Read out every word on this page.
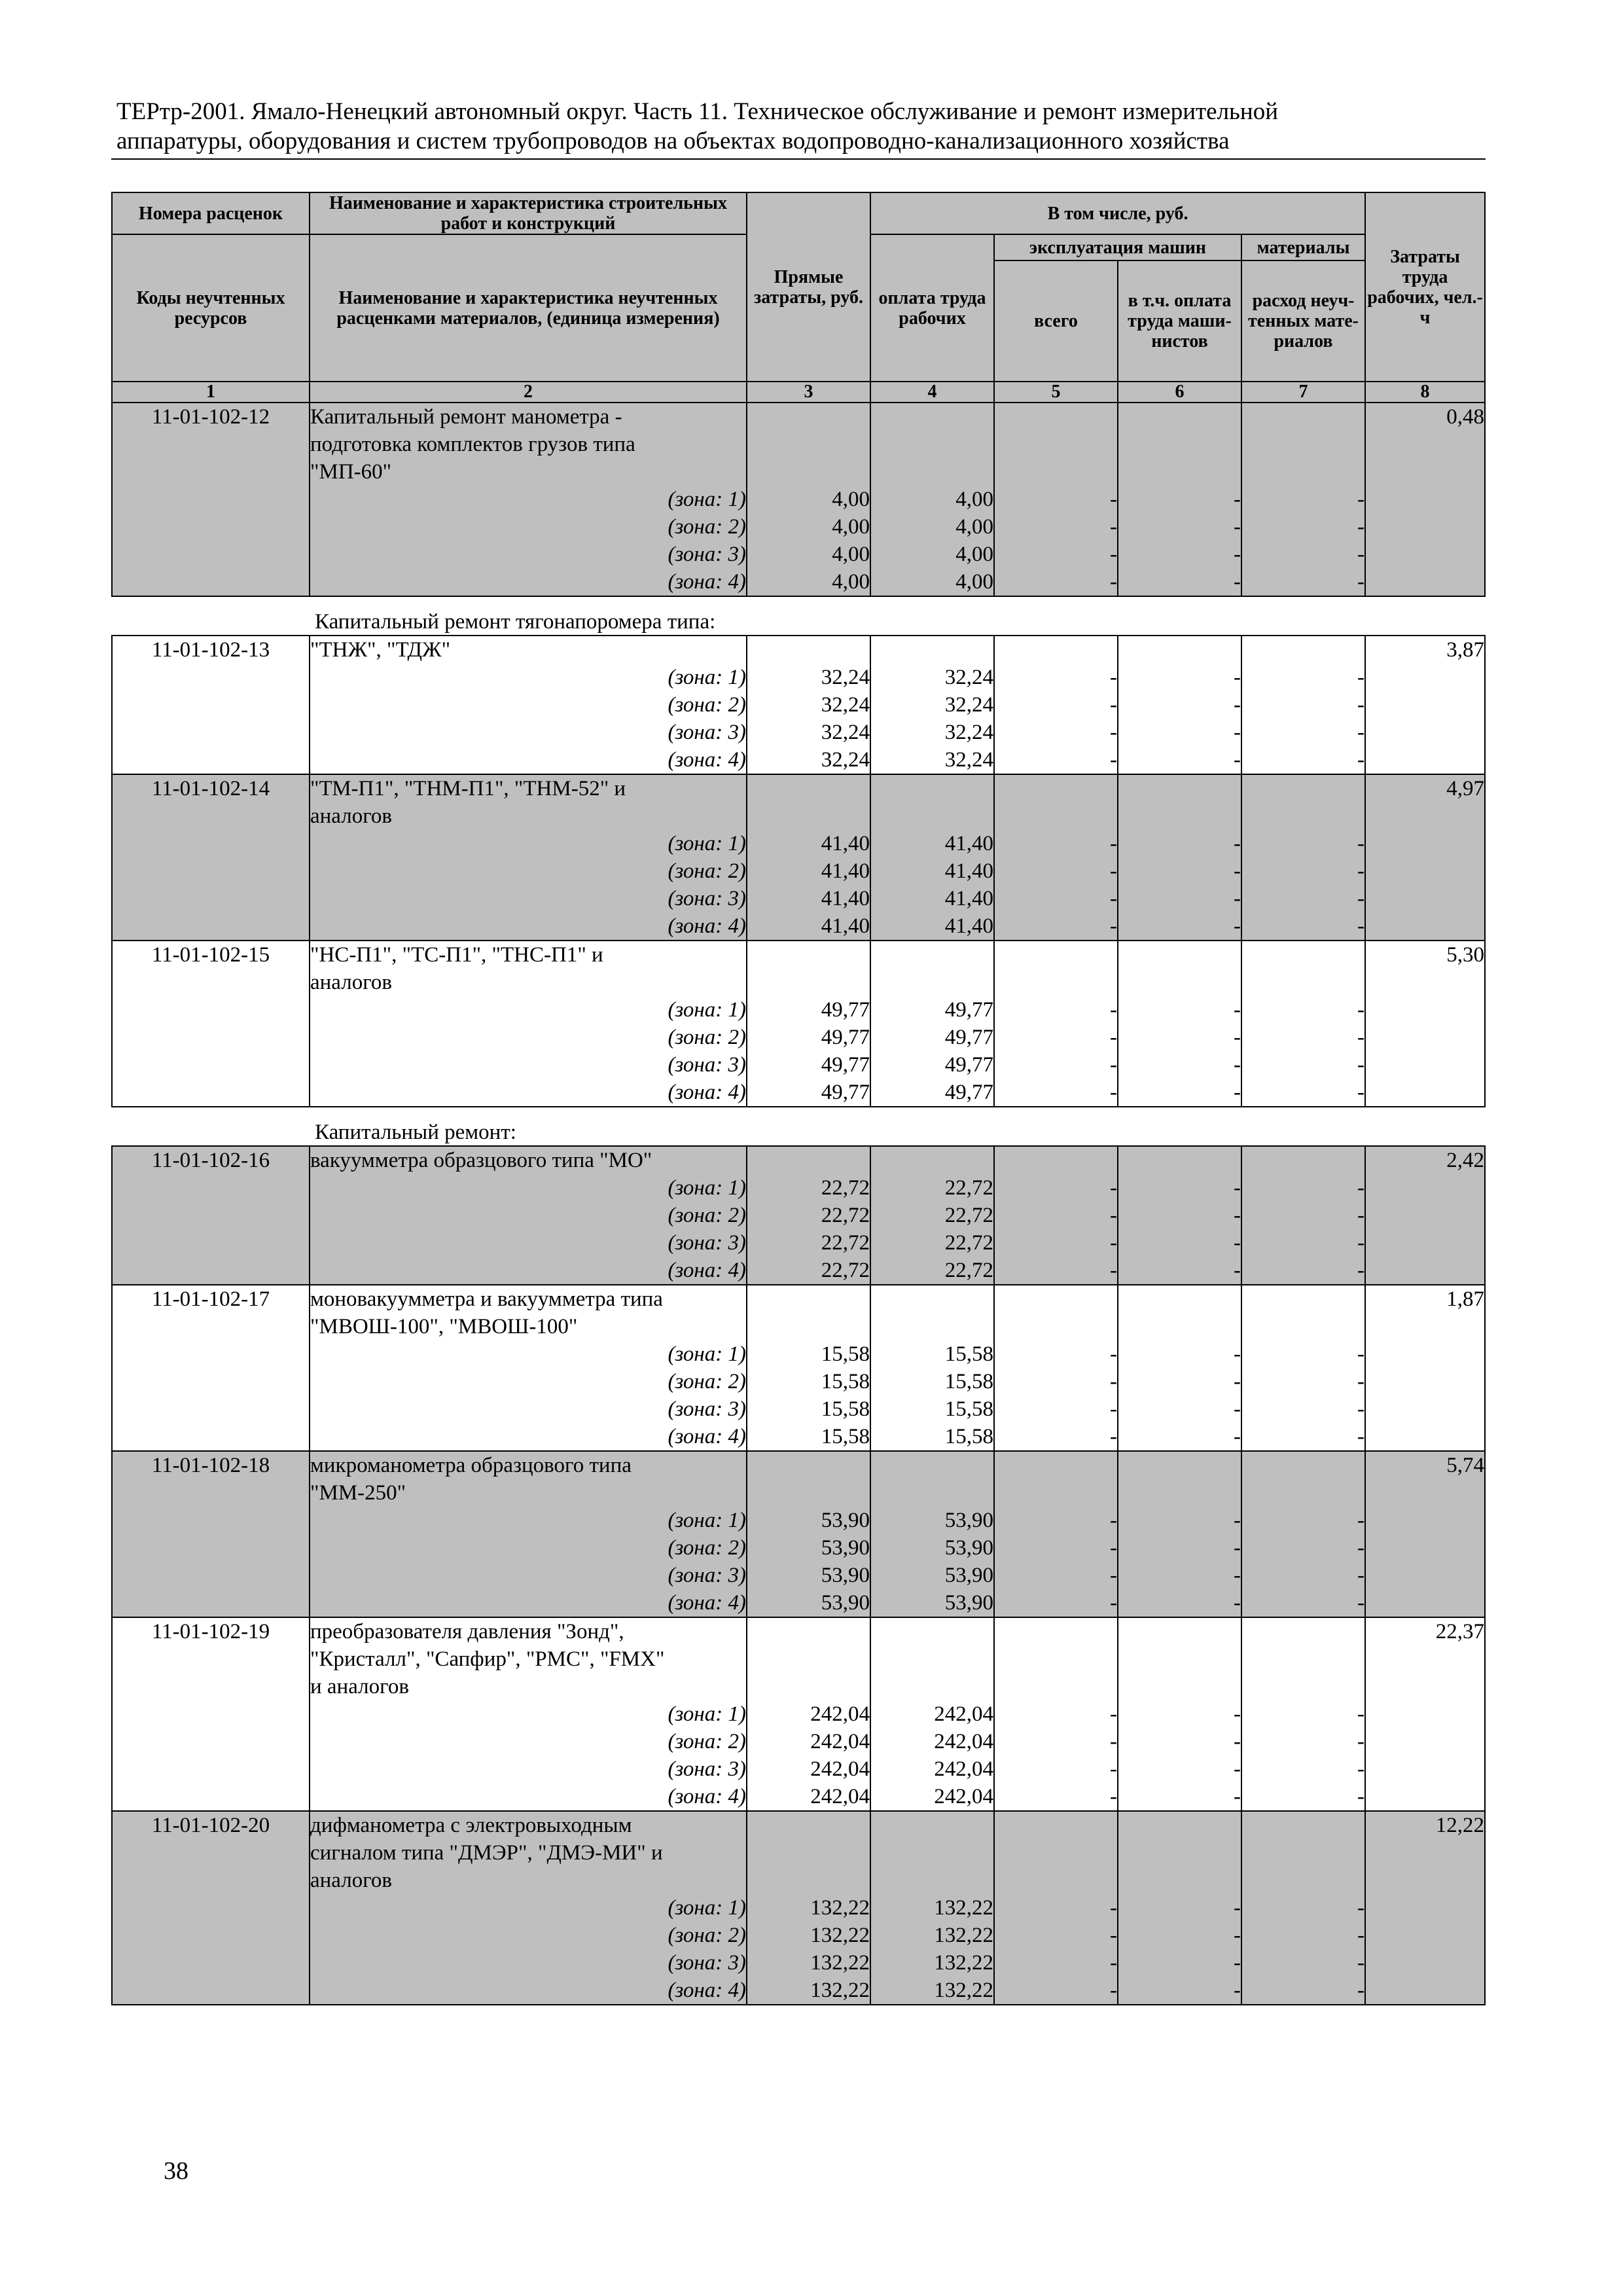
ТЕРтр-2001. Ямало-Ненецкий автономный округ. Часть 11. Техническое обслуживание и ремонт измерительной
аппаратуры, оборудования и систем трубопроводов на объектах водопроводно-канализационного хозяйства
Номера расценок	Наименование и характеристика строительных работ и конструкций	Прямые затраты, руб.	В том числе, руб.				Затраты труда рабочих, чел.-ч
Коды неучтенных ресурсов	Наименование и характеристика неучтенных расценками материалов, (единица измерения)		оплата труда рабочих	эксплуатация машин		материалы	
				всего	в т.ч. оплата труда маши- нистов	расход неуч- тенных мате- риалов	
1	2	3	4	5	6	7	8
11-01-102-12	Капитальный ремонт манометра -						0,48
	подготовка комплектов грузов типа						
	"МП-60"						
	(зона: 1)	4,00	4,00	-	-	-	
	(зона: 2)	4,00	4,00	-	-	-	
	(зона: 3)	4,00	4,00	-	-	-	
	(зона: 4)	4,00	4,00	-	-	-	
	Капитальный ремонт тягонапоромера типа:						
11-01-102-13	"ТНЖ", "ТДЖ"						3,87
	(зона: 1)	32,24	32,24	-	-	-	
	(зона: 2)	32,24	32,24	-	-	-	
	(зона: 3)	32,24	32,24	-	-	-	
	(зона: 4)	32,24	32,24	-	-	-	
11-01-102-14	"ТМ-П1", "ТНМ-П1", "ТНМ-52" и						4,97
	аналогов						
	(зона: 1)	41,40	41,40	-	-	-	
	(зона: 2)	41,40	41,40	-	-	-	
	(зона: 3)	41,40	41,40	-	-	-	
	(зона: 4)	41,40	41,40	-	-	-	
11-01-102-15	"НС-П1", "ТС-П1", "ТНС-П1" и						5,30
	аналогов						
	(зона: 1)	49,77	49,77	-	-	-	
	(зона: 2)	49,77	49,77	-	-	-	
	(зона: 3)	49,77	49,77	-	-	-	
	(зона: 4)	49,77	49,77	-	-	-	
	Капитальный ремонт:						
11-01-102-16	вакуумметра образцового типа "МО"						2,42
	(зона: 1)	22,72	22,72	-	-	-	
	(зона: 2)	22,72	22,72	-	-	-	
	(зона: 3)	22,72	22,72	-	-	-	
	(зона: 4)	22,72	22,72	-	-	-	
11-01-102-17	моновакуумметра и вакуумметра типа						1,87
	"МВОШ-100", "МВОШ-100"						
	(зона: 1)	15,58	15,58	-	-	-	
	(зона: 2)	15,58	15,58	-	-	-	
	(зона: 3)	15,58	15,58	-	-	-	
	(зона: 4)	15,58	15,58	-	-	-	
11-01-102-18	микроманометра образцового типа						5,74
	"ММ-250"						
	(зона: 1)	53,90	53,90	-	-	-	
	(зона: 2)	53,90	53,90	-	-	-	
	(зона: 3)	53,90	53,90	-	-	-	
	(зона: 4)	53,90	53,90	-	-	-	
11-01-102-19	преобразователя давления "Зонд",						22,37
	"Кристалл", "Сапфир", "РМС", "FMX"						
	и аналогов						
	(зона: 1)	242,04	242,04	-	-	-	
	(зона: 2)	242,04	242,04	-	-	-	
	(зона: 3)	242,04	242,04	-	-	-	
	(зона: 4)	242,04	242,04	-	-	-	
11-01-102-20	дифманометра с электровыходным						12,22
	сигналом типа "ДМЭР", "ДМЭ-МИ" и						
	аналогов						
	(зона: 1)	132,22	132,22	-	-	-	
	(зона: 2)	132,22	132,22	-	-	-	
	(зона: 3)	132,22	132,22	-	-	-	
	(зона: 4)	132,22	132,22	-	-	-	
38
